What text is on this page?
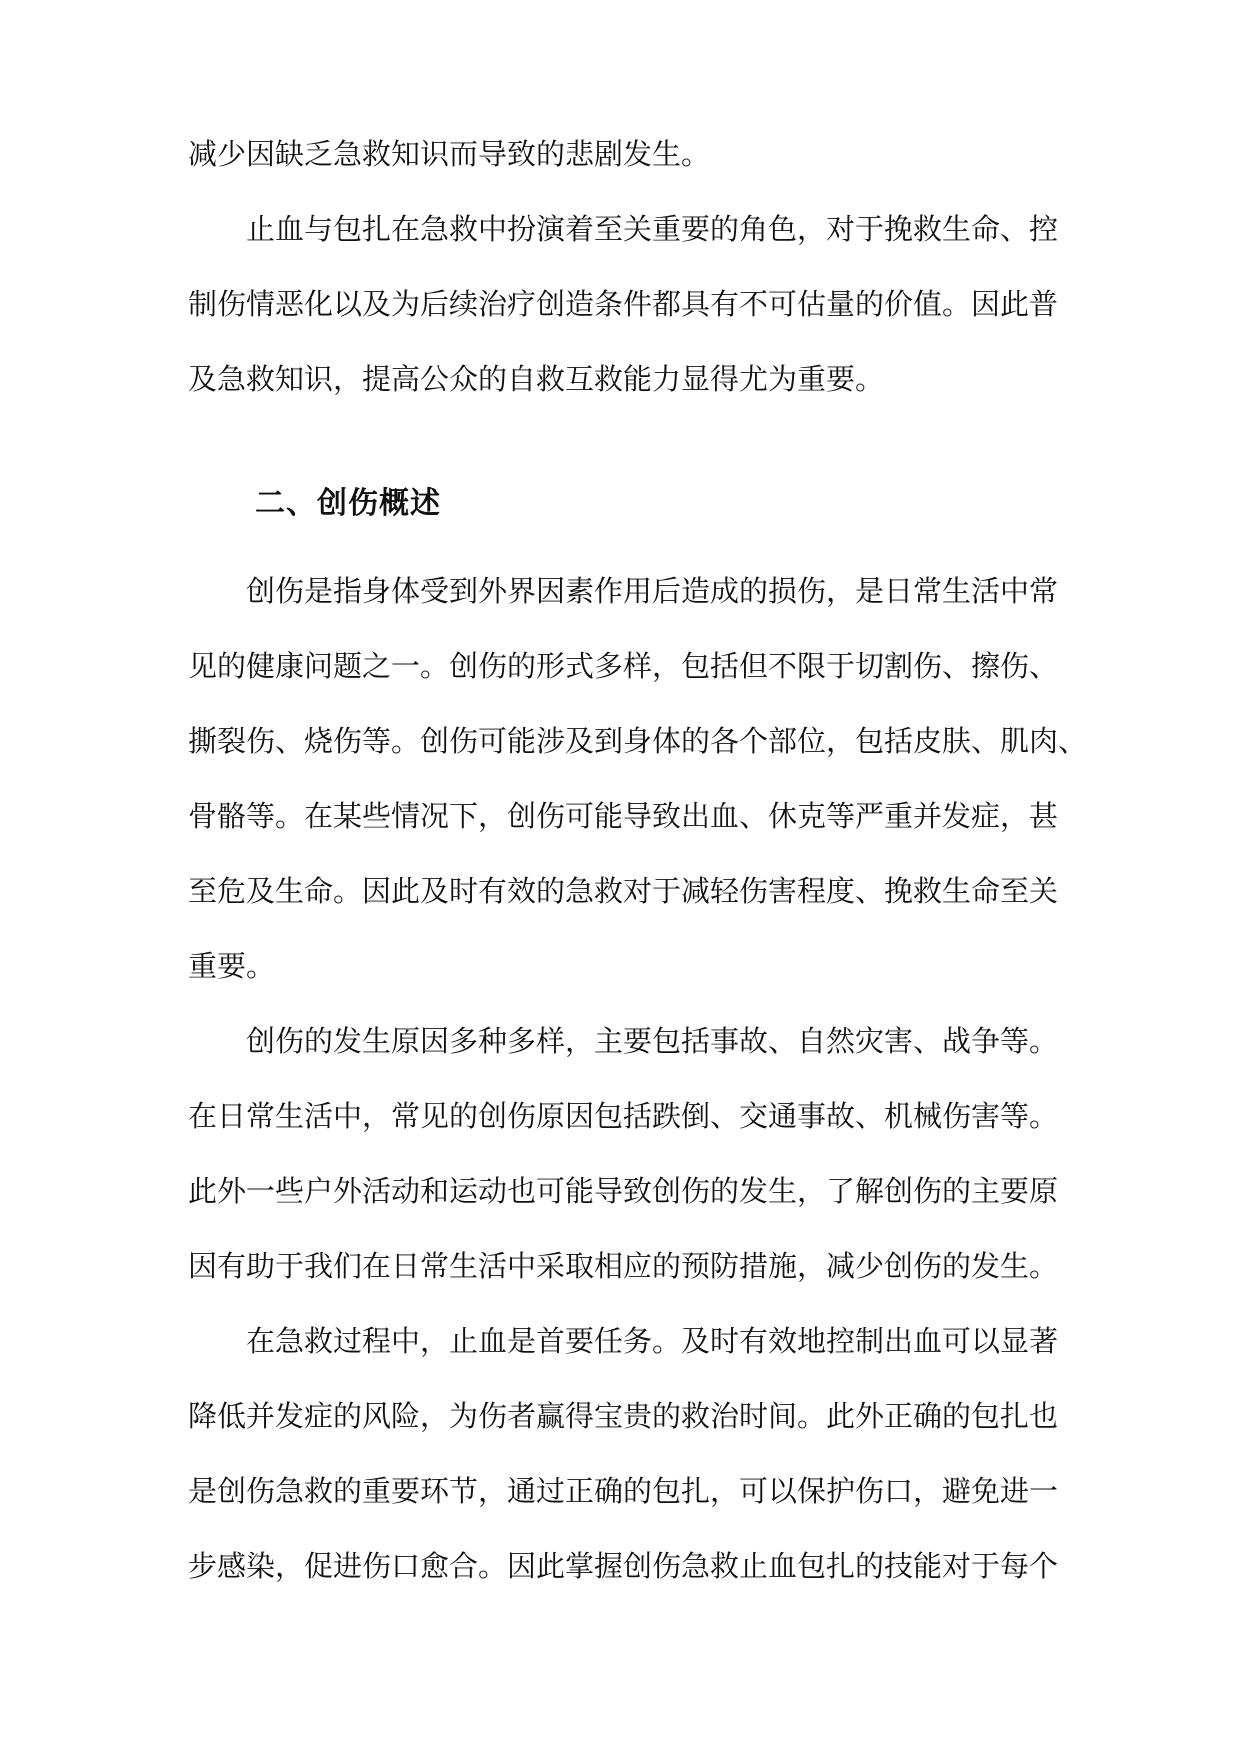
减少因缺乏急救知识而导致的悲剧发生。
止血与包扎在急救中扮演着至关重要的角色，对于挽救生命、控
制伤情恶化以及为后续治疗创造条件都具有不可估量的价值。因此普
及急救知识，提高公众的自救互救能力显得尤为重要。
二、创伤概述
创伤是指身体受到外界因素作用后造成的损伤，是日常生活中常
见的健康问题之一。创伤的形式多样，包括但不限于切割伤、擦伤、
撕裂伤、烧伤等。创伤可能涉及到身体的各个部位，包括皮肤、肌肉、
骨骼等。在某些情况下，创伤可能导致出血、休克等严重并发症，甚
至危及生命。因此及时有效的急救对于减轻伤害程度、挽救生命至关
重要。
创伤的发生原因多种多样，主要包括事故、自然灾害、战争等。
在日常生活中，常见的创伤原因包括跌倒、交通事故、机械伤害等。
此外一些户外活动和运动也可能导致创伤的发生，了解创伤的主要原
因有助于我们在日常生活中采取相应的预防措施，减少创伤的发生。
在急救过程中，止血是首要任务。及时有效地控制出血可以显著
降低并发症的风险，为伤者赢得宝贵的救治时间。此外正确的包扎也
是创伤急救的重要环节，通过正确的包扎，可以保护伤口，避免进一
步感染，促进伤口愈合。因此掌握创伤急救止血包扎的技能对于每个
